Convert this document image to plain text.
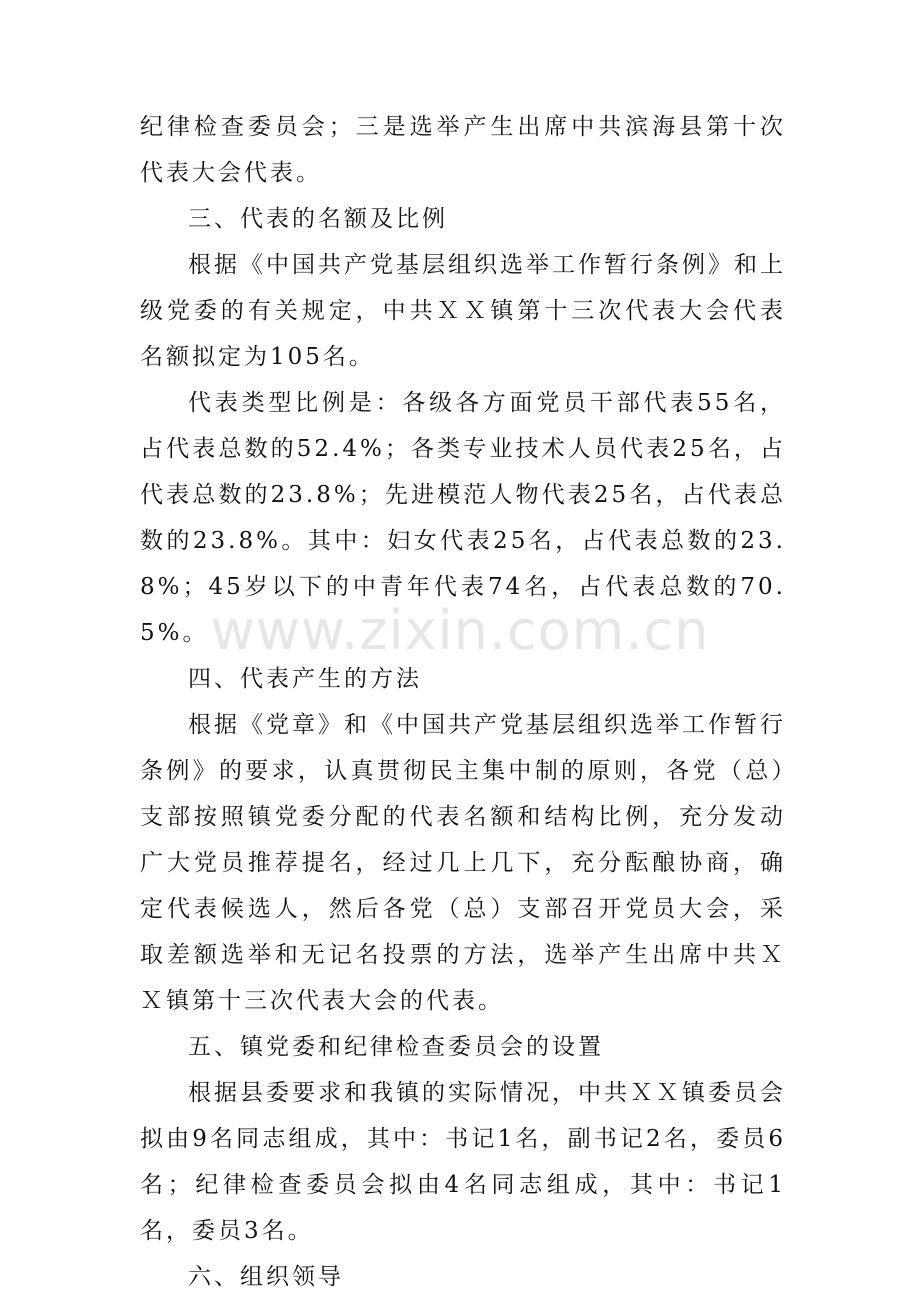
纪律检查委员会；三是选举产生出席中共滨海县第十次代表大会代表。

三、代表的名额及比例

根据《中国共产党基层组织选举工作暂行条例》和上级党委的有关规定，中共ＸＸ镇第十三次代表大会代表名额拟定为105名。

代表类型比例是：各级各方面党员干部代表55名，占代表总数的52.4%；各类专业技术人员代表25名，占代表总数的23.8%；先进模范人物代表25名，占代表总数的23.8%。其中：妇女代表25名，占代表总数的23.8%；45岁以下的中青年代表74名，占代表总数的70.5%。

四、代表产生的方法

根据《党章》和《中国共产党基层组织选举工作暂行条例》的要求，认真贯彻民主集中制的原则，各党（总）支部按照镇党委分配的代表名额和结构比例，充分发动广大党员推荐提名，经过几上几下，充分酝酿协商，确定代表候选人，然后各党（总）支部召开党员大会，采取差额选举和无记名投票的方法，选举产生出席中共ＸＸ镇第十三次代表大会的代表。

五、镇党委和纪律检查委员会的设置

根据县委要求和我镇的实际情况，中共ＸＸ镇委员会拟由9名同志组成，其中：书记1名，副书记2名，委员6名；纪律检查委员会拟由4名同志组成，其中：书记1名，委员3名。

六、组织领导

www.zixin.com.cn
